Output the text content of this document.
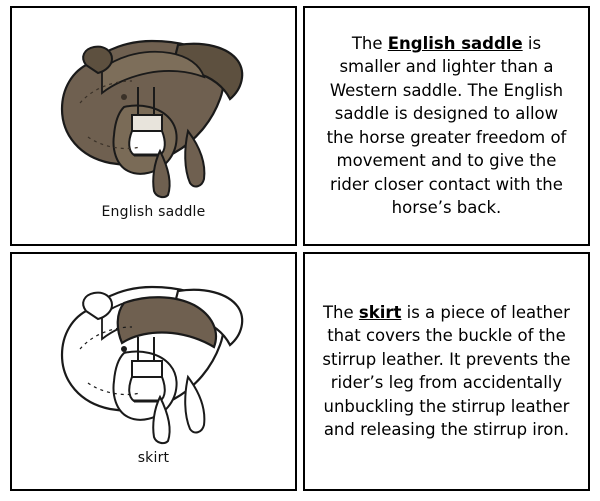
English saddle
The English saddle is smaller and lighter than a Western saddle. The English saddle is designed to allow the horse greater freedom of movement and to give the rider closer contact with the horse’s back.
skirt
The skirt is a piece of leather that covers the buckle of the stirrup leather. It prevents the rider’s leg from accidentally unbuckling the stirrup leather and releasing the stirrup iron.
